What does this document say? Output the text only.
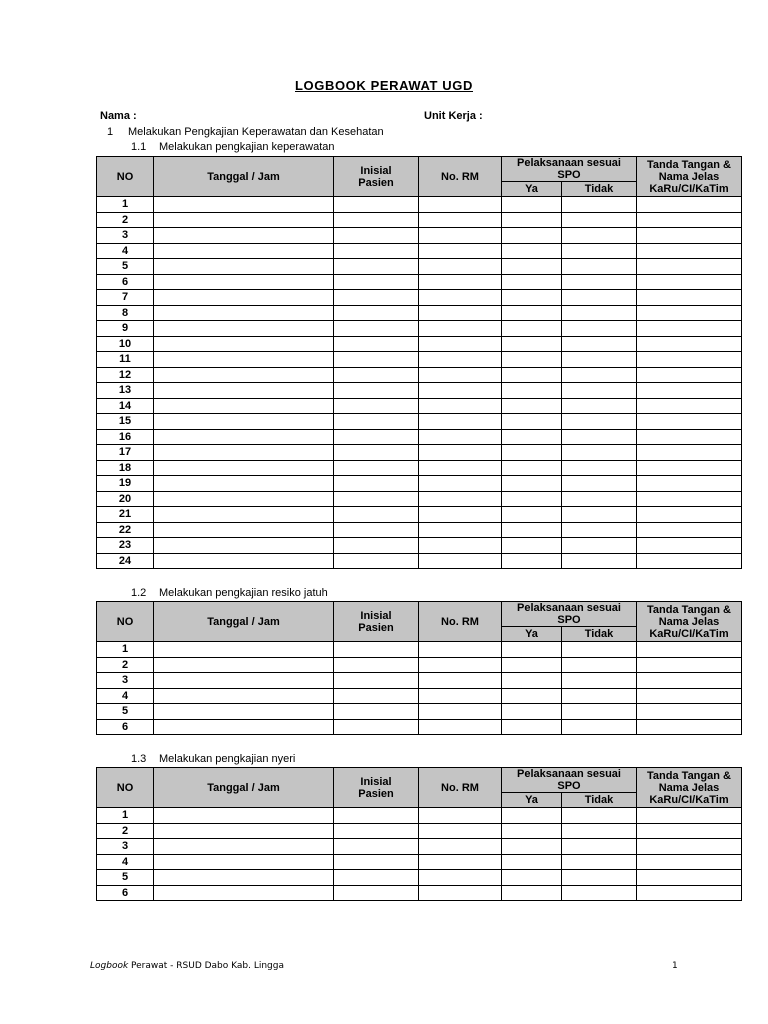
LOGBOOK PERAWAT UGD
Nama :	Unit Kerja :
1 Melakukan Pengkajian Keperawatan dan Kesehatan
1.1 Melakukan pengkajian keperawatan
NO	Tanggal / Jam	Inisial Pasien	No. RM	Pelaksanaan sesuai SPO		Tanda Tangan & Nama Jelas KaRu/CI/KaTim
				Ya	Tidak	
1						
2						
3						
4						
5						
6						
7						
8						
9						
10						
11						
12						
13						
14						
15						
16						
17						
18						
19						
20						
21						
22						
23						
24						
1.2 Melakukan pengkajian resiko jatuh
NO	Tanggal / Jam	Inisial Pasien	No. RM	Pelaksanaan sesuai SPO		Tanda Tangan & Nama Jelas KaRu/CI/KaTim
				Ya	Tidak	
1						
2						
3						
4						
5						
6						
1.3 Melakukan pengkajian nyeri
NO	Tanggal / Jam	Inisial Pasien	No. RM	Pelaksanaan sesuai SPO		Tanda Tangan & Nama Jelas KaRu/CI/KaTim
				Ya	Tidak	
1						
2						
3						
4						
5						
6						
Logbook Perawat - RSUD Dabo Kab. Lingga	1
